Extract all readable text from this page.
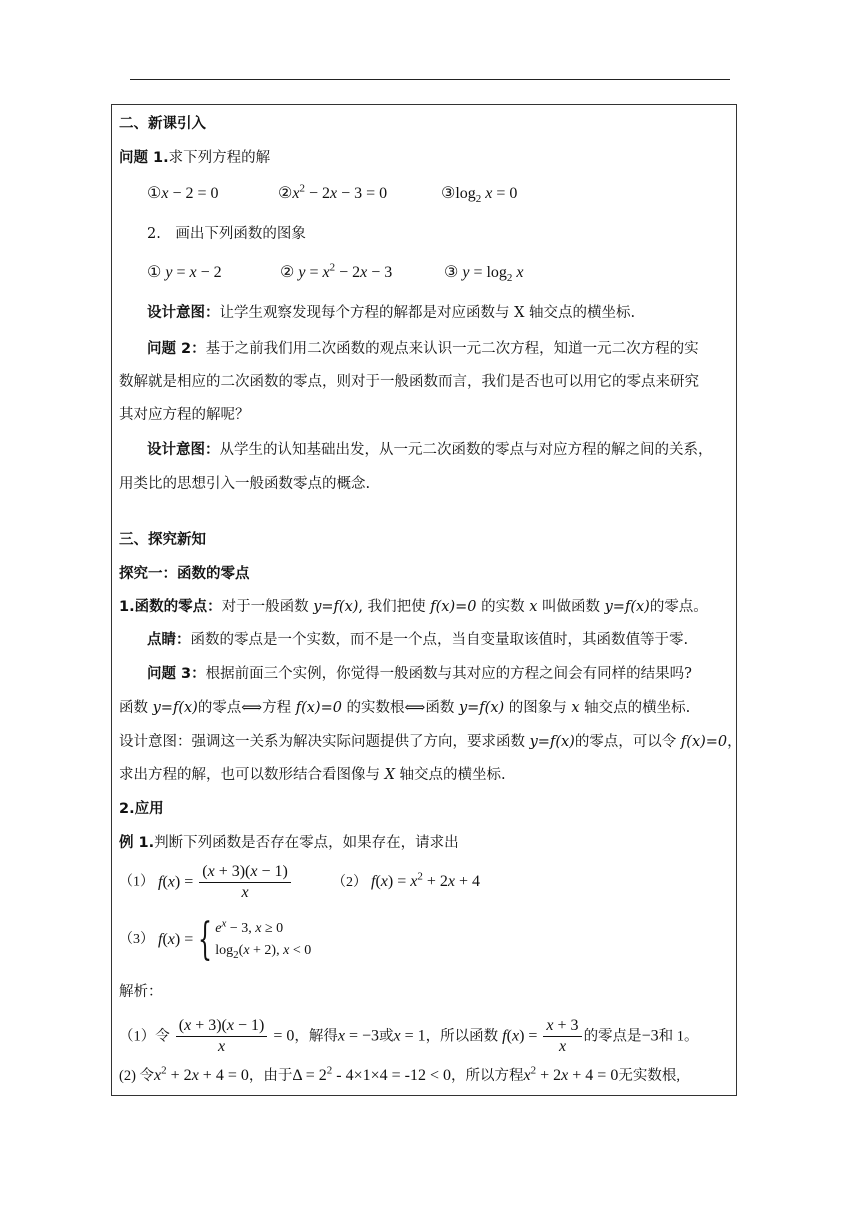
二、新课引入
问题 1.求下列方程的解
①x − 2 = 0	$②x^2 - 2x - 3 = 0$	$③\log_2$ x = 0
2.　画出下列函数的图象
① y = x − 2	② $y = x^2 - 2x - 3$	③ $y = \log_2 x$
设计意图：让学生观察发现每个方程的解都是对应函数与 X 轴交点的横坐标.
问题 2：基于之前我们用二次函数的观点来认识一元二次方程，知道一元二次方程的实
数解就是相应的二次函数的零点，则对于一般函数而言，我们是否也可以用它的零点来研究
其对应方程的解呢？
设计意图：从学生的认知基础出发，从一元二次函数的零点与对应方程的解之间的关系，
用类比的思想引入一般函数零点的概念.
三、探究新知
探究一：函数的零点
1.函数的零点：对于一般函数 y=f(x), 我们把使 f(x)=0 的实数 x 叫做函数 y=f(x)的零点。
点睛：函数的零点是一个实数，而不是一个点，当自变量取该值时，其函数值等于零.
问题 3：根据前面三个实例，你觉得一般函数与其对应的方程之间会有同样的结果吗?
函数 y=f(x)的零点⟺方程 f(x)=0 的实数根⟺函数 y=f(x) 的图象与 x 轴交点的横坐标.
设计意图：强调这一关系为解决实际问题提供了方向，要求函数 y=f(x)的零点，可以令 f(x)=0，
求出方程的解，也可以数形结合看图像与 X 轴交点的横坐标.
2.应用
例 1.判断下列函数是否存在零点，如果存在，请求出
（1） $f(x) = \frac{(x + 3)(x - 1)}{x}$	（2） $f(x) = x^2 + 2x + 4$
（3） f(x) = { $e^x - 3$, x ≥ 0
$\log_2(x + 2)$, x < 0
解析：
（1）令 $\frac{(x + 3)(x - 1)}{x} = 0$，解得x = −3或x = 1，所以函数 $f(x) = \frac{x + 3}{x}$ 的零点是−3和 1。
(2) 令$x^2 + 2x + 4 = 0$，由于$\Delta = 2^2 - 4\times 1\times 4 = -12 < 0$，所以方程$x^2 + 2x + 4 = 0$无实数根,
